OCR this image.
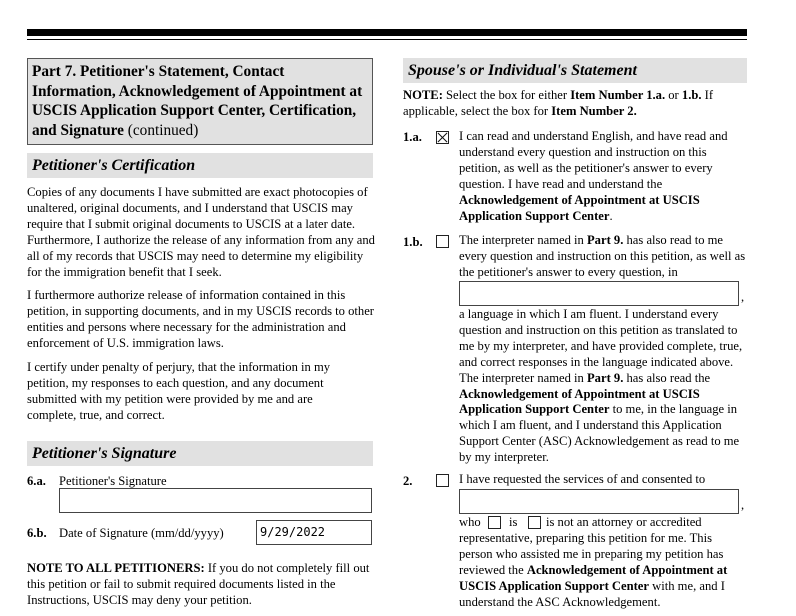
Part 7. Petitioner's Statement, Contact Information, Acknowledgement of Appointment at USCIS Application Support Center, Certification, and Signature (continued)
Petitioner's Certification

Copies of any documents I have submitted are exact photocopies of unaltered, original documents, and I understand that USCIS may require that I submit original documents to USCIS at a later date. Furthermore, I authorize the release of any information from any and all of my records that USCIS may need to determine my eligibility for the immigration benefit that I seek.

I furthermore authorize release of information contained in this petition, in supporting documents, and in my USCIS records to other entities and persons where necessary for the administration and enforcement of U.S. immigration laws.

I certify under penalty of perjury, that the information in my petition, my responses to each question, and any document submitted with my petition were provided by me and are complete, true, and correct.

Petitioner's Signature
6.a. Petitioner's Signature
6.b. Date of Signature (mm/dd/yyyy)	9/29/2022

NOTE TO ALL PETITIONERS: If you do not completely fill out this petition or fail to submit required documents listed in the Instructions, USCIS may deny your petition.

Spouse's or Individual's Statement

NOTE: Select the box for either Item Number 1.a. or 1.b. If applicable, select the box for Item Number 2.

1.a.	I can read and understand English, and have read and understand every question and instruction on this petition, as well as the petitioner's answer to every question. I have read and understand the Acknowledgement of Appointment at USCIS Application Support Center.
1.b.	The interpreter named in Part 9. has also read to me every question and instruction on this petition, as well as the petitioner's answer to every question, in
,
a language in which I am fluent. I understand every question and instruction on this petition as translated to me by my interpreter, and have provided complete, true, and correct responses in the language indicated above. The interpreter named in Part 9. has also read the Acknowledgement of Appointment at USCIS Application Support Center to me, in the language in which I am fluent, and I understand this Application Support Center (ASC) Acknowledgement as read to me by my interpreter.
2.	I have requested the services of and consented to
,
who is is not an attorney or accredited
representative, preparing this petition for me. This person who assisted me in preparing my petition has reviewed the Acknowledgement of Appointment at USCIS Application Support Center with me, and I understand the ASC Acknowledgement.
